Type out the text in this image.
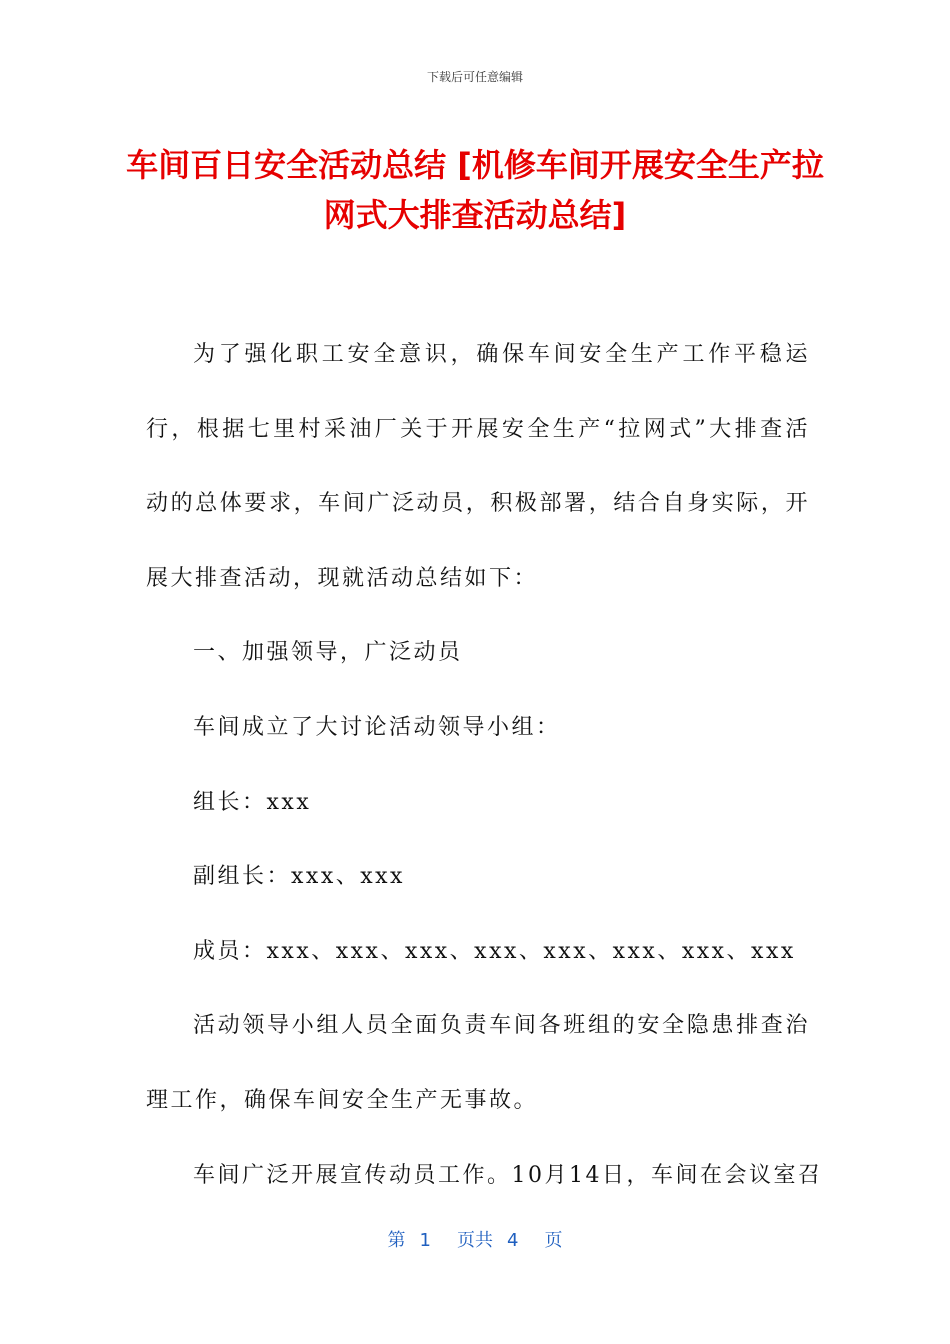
下载后可任意编辑
车间百日安全活动总结 [机修车间开展安全生产拉网式大排查活动总结]

为了强化职工安全意识，确保车间安全生产工作平稳运行，根据七里村采油厂关于开展安全生产“拉网式”大排查活动的总体要求，车间广泛动员，积极部署，结合自身实际，开展大排查活动，现就活动总结如下：

一、加强领导，广泛动员

车间成立了大讨论活动领导小组：

组长：xxx

副组长：xxx、xxx

成员：xxx、xxx、xxx、xxx、xxx、xxx、xxx、xxx

活动领导小组人员全面负责车间各班组的安全隐患排查治理工作，确保车间安全生产无事故。

车间广泛开展宣传动员工作。10月14日，车间在会议室召

第 1 页共 4 页
